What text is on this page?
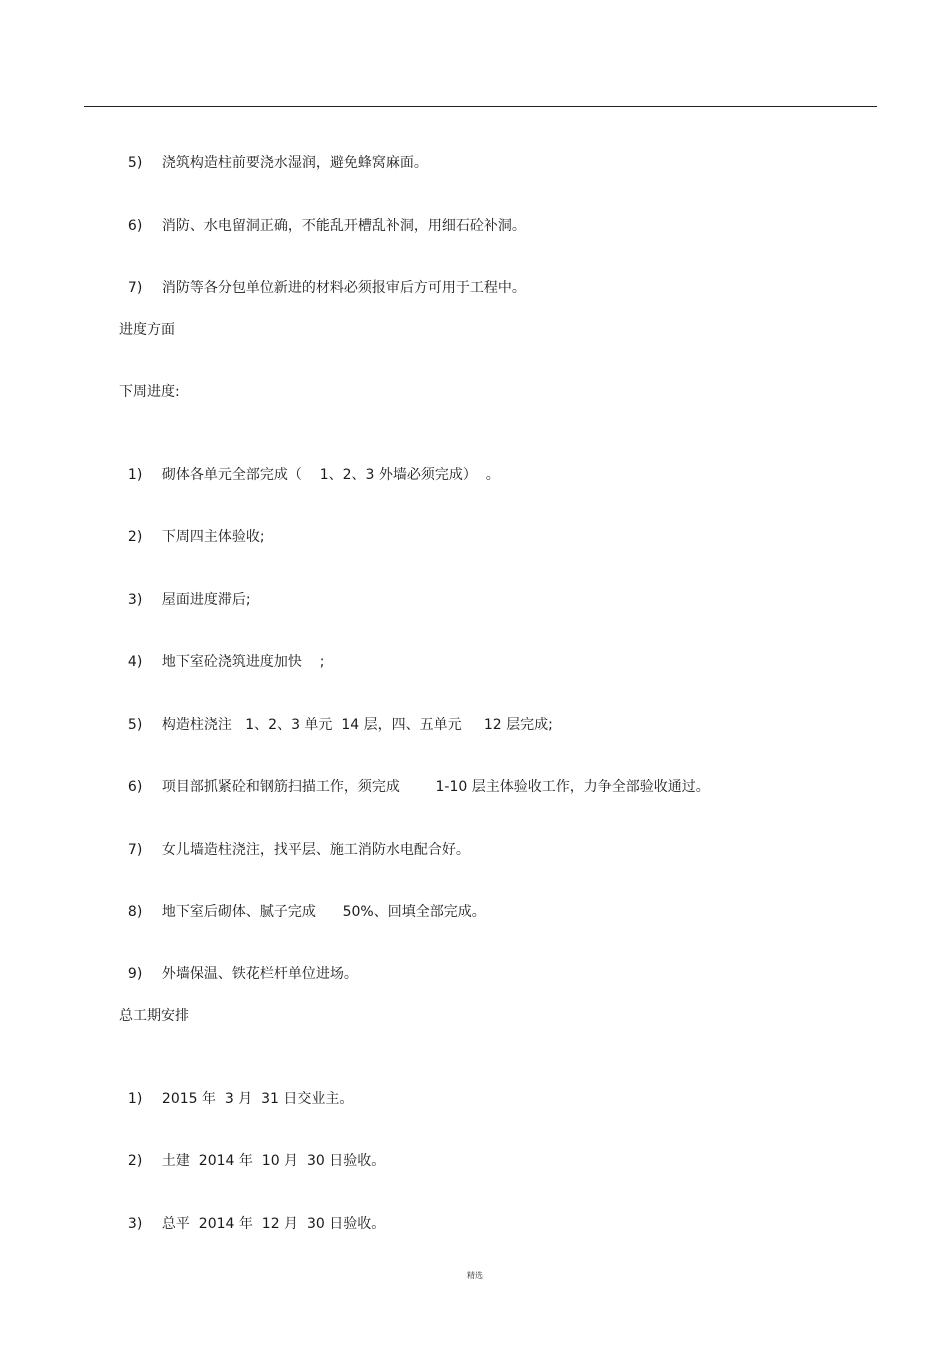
5) 浇筑构造柱前要浇水湿润，避免蜂窝麻面。

6) 消防、水电留洞正确，不能乱开槽乱补洞，用细石砼补洞。

7) 消防等各分包单位新进的材料必须报审后方可用于工程中。

进度方面
下周进度:

1) 砌体各单元全部完成（    1、2、3 外墙必须完成）  。

2) 下周四主体验收;

3) 屋面进度滞后;

4) 地下室砼浇筑进度加快    ;

5) 构造柱浇注   1、2、3 单元  14 层，四、五单元     12 层完成;

6) 项目部抓紧砼和钢筋扫描工作，须完成        1-10 层主体验收工作，力争全部验收通过。

7) 女儿墙造柱浇注，找平层、施工消防水电配合好。

8) 地下室后砌体、腻子完成      50%、回填全部完成。

9) 外墙保温、铁花栏杆单位进场。

总工期安排

1) 2015 年  3 月  31 日交业主。

2) 土建  2014 年  10 月  30 日验收。

3) 总平  2014 年  12 月  30 日验收。

精选
